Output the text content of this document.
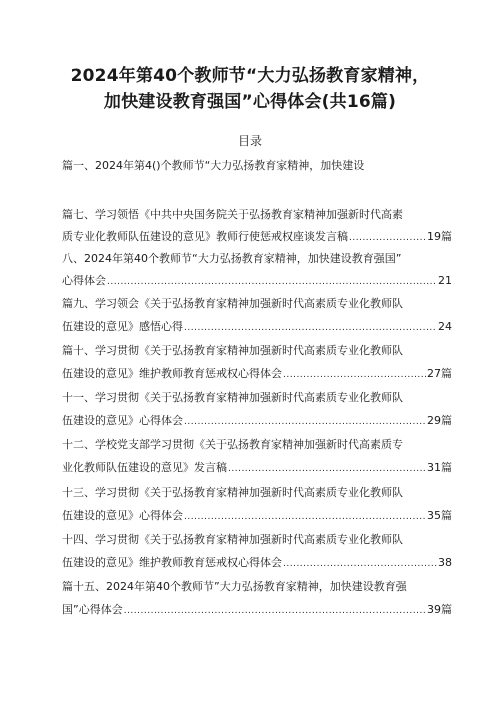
2024年第40个教师节“大力弘扬教育家精神，
加快建设教育强国”心得体会(共16篇)
目录
篇一、2024年第4()个教师节“大力弘扬教育家精神，加快建设
篇七、学习领悟《中共中央国务院关于弘扬教育家精神加强新时代高素
质专业化教师队伍建设的意见》教师行使惩戒权座谈发言稿 .....	19篇
八、2024年第40个教师节“大力弘扬教育家精神，加快建设教育强国”
心得体会 .....	21
篇九、学习领会《关于弘扬教育家精神加强新时代高素质专业化教师队
伍建设的意见》感悟心得 .....	24
篇十、学习贯彻《关于弘扬教育家精神加强新时代高素质专业化教师队
伍建设的意见》维护教师教育惩戒权心得体会 .....	27篇
十一、学习贯彻《关于弘扬教育家精神加强新时代高素质专业化教师队
伍建设的意见》心得体会 .....	29篇
十二、学校党支部学习贯彻《关于弘扬教育家精神加强新时代高素质专
业化教师队伍建设的意见》发言稿 .....	31篇
十三、学习贯彻《关于弘扬教育家精神加强新时代高素质专业化教师队
伍建设的意见》心得体会 .....	35篇
十四、学习贯彻《关于弘扬教育家精神加强新时代高素质专业化教师队
伍建设的意见》维护教师教育惩戒权心得体会 .....	38
篇十五、2024年第40个教师节”大力弘扬教育家精神，加快建设教育强
国”心得体会 .....	39篇
